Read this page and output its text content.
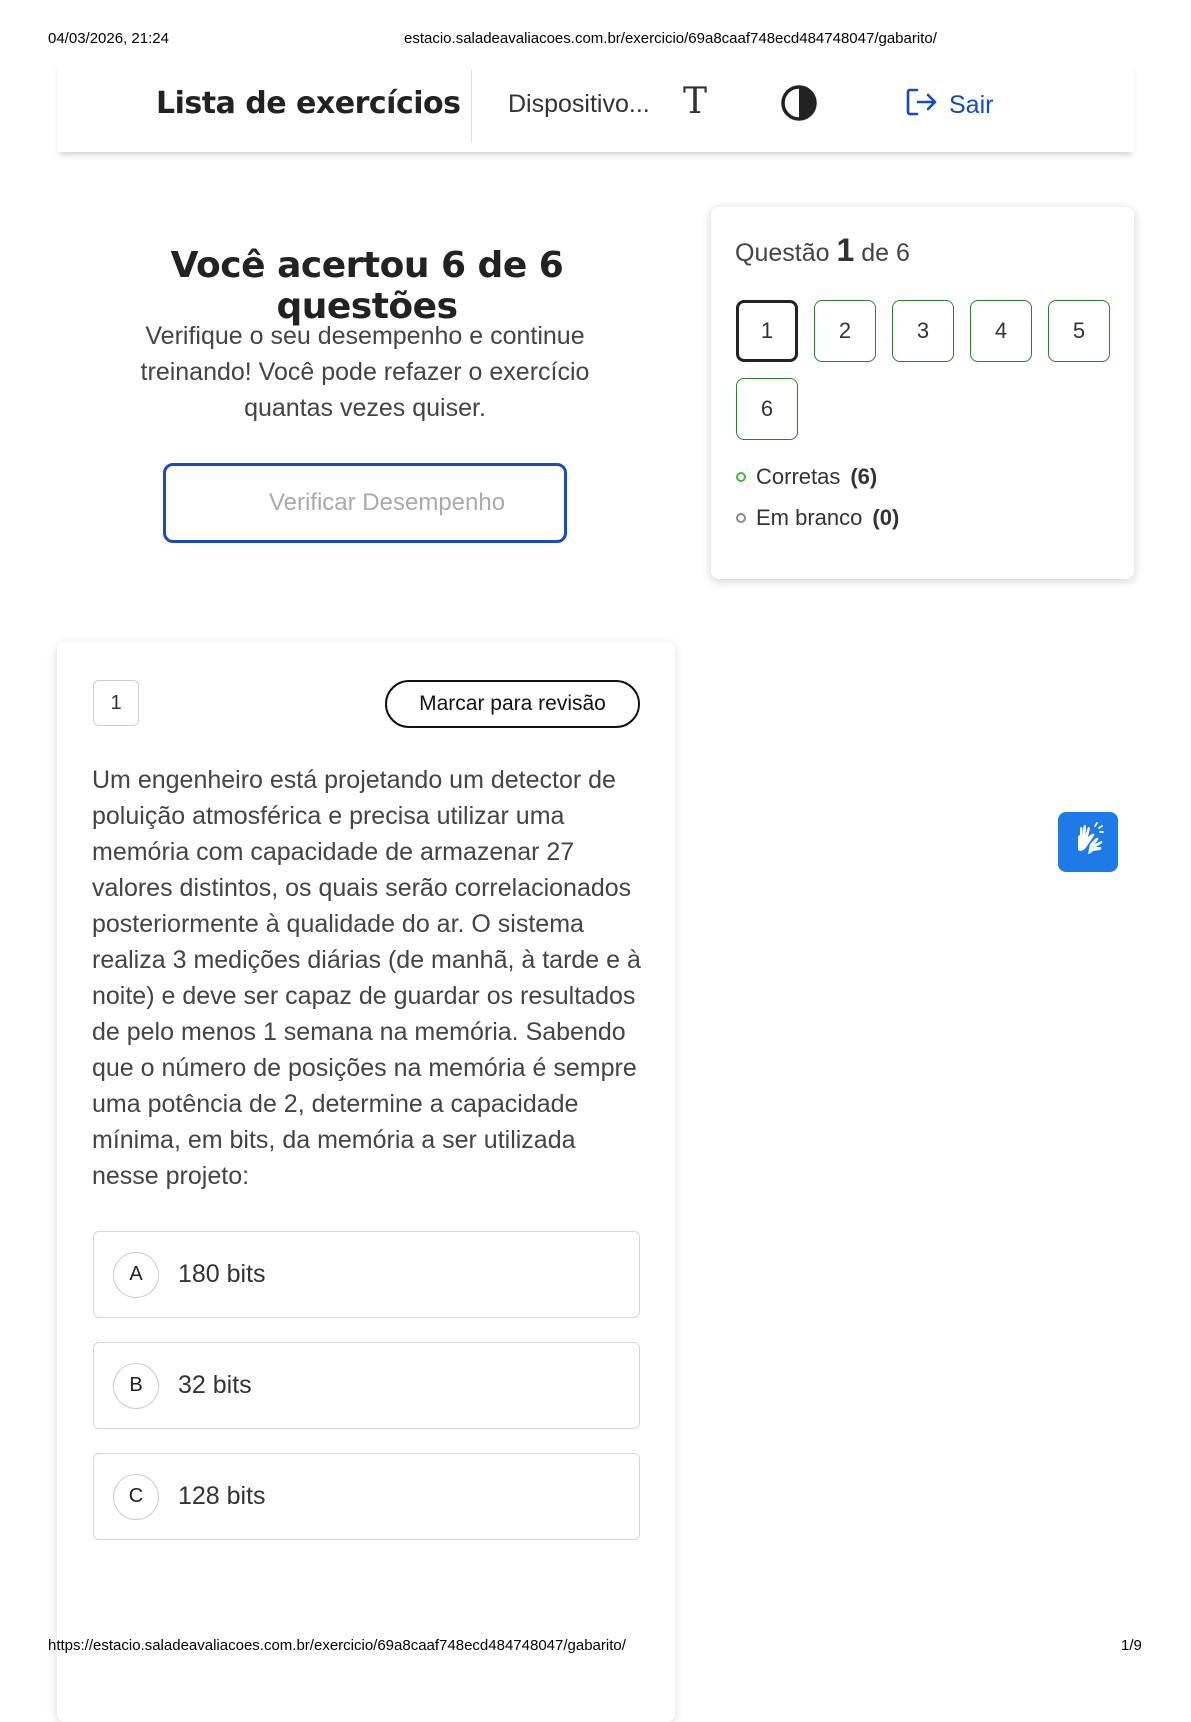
04/03/2026, 21:24	estacio.saladeavaliacoes.com.br/exercicio/69a8caaf748ecd484748047/gabarito/
Lista de exercícios Dispositivo... T	Sair
Você acertou 6 de 6 questões
Verifique o seu desempenho e continue treinando! Você pode refazer o exercício quantas vezes quiser.
Verificar Desempenho
Questão 1 de 6
1	2	3	4	5
6
Corretas (6)
Em branco (0)
1	Marcar para revisão
Um engenheiro está projetando um detector de poluição atmosférica e precisa utilizar uma memória com capacidade de armazenar 27 valores distintos, os quais serão correlacionados posteriormente à qualidade do ar. O sistema realiza 3 medições diárias (de manhã, à tarde e à noite) e deve ser capaz de guardar os resultados de pelo menos 1 semana na memória. Sabendo que o número de posições na memória é sempre uma potência de 2, determine a capacidade mínima, em bits, da memória a ser utilizada nesse projeto:
A	180 bits
B	32 bits
C	128 bits
https://estacio.saladeavaliacoes.com.br/exercicio/69a8caaf748ecd484748047/gabarito/	1/9
